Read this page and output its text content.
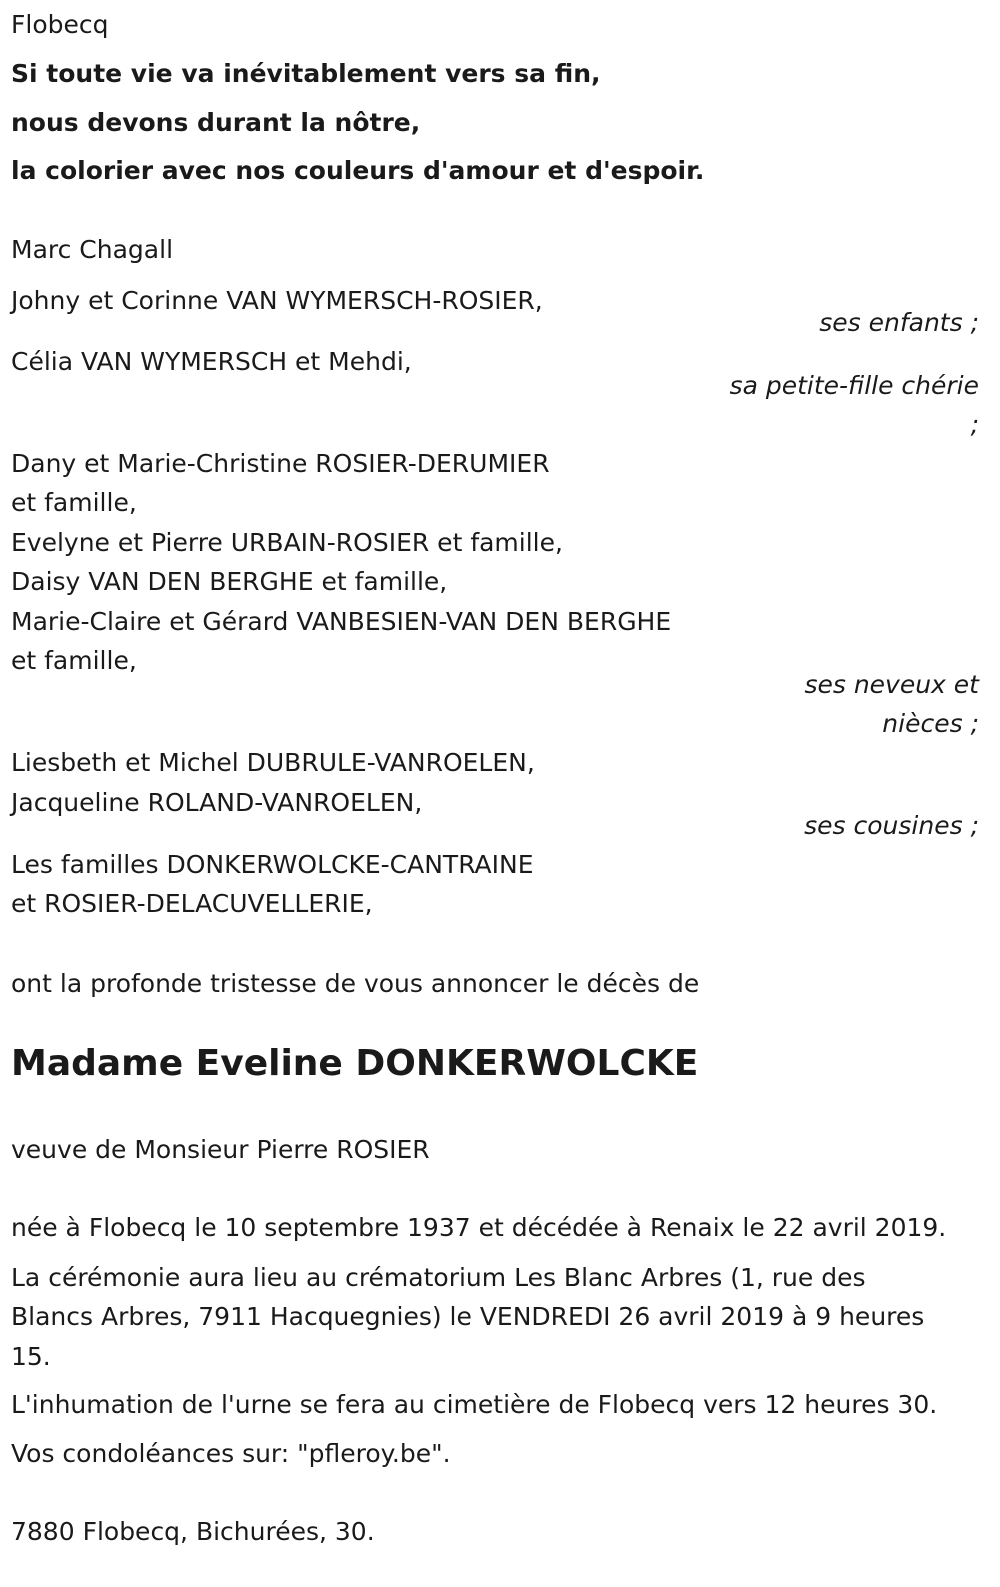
Flobecq
Si toute vie va inévitablement vers sa fin,
nous devons durant la nôtre,
la colorier avec nos couleurs d'amour et d'espoir.
Marc Chagall
Johny et Corinne VAN WYMERSCH-ROSIER,
ses enfants ;
Célia VAN WYMERSCH et Mehdi,
sa petite-fille chérie
;
Dany et Marie-Christine ROSIER-DERUMIER
et famille,
Evelyne et Pierre URBAIN-ROSIER et famille,
Daisy VAN DEN BERGHE et famille,
Marie-Claire et Gérard VANBESIEN-VAN DEN BERGHE
et famille,
ses neveux et
nièces ;
Liesbeth et Michel DUBRULE-VANROELEN,
Jacqueline ROLAND-VANROELEN,
ses cousines ;
Les familles DONKERWOLCKE-CANTRAINE
et ROSIER-DELACUVELLERIE,
ont la profonde tristesse de vous annoncer le décès de
Madame Eveline DONKERWOLCKE
veuve de Monsieur Pierre ROSIER
née à Flobecq le 10 septembre 1937 et décédée à Renaix le 22 avril 2019.
La cérémonie aura lieu au crématorium Les Blanc Arbres (1, rue des
Blancs Arbres, 7911 Hacquegnies) le VENDREDI 26 avril 2019 à 9 heures
15.
L'inhumation de l'urne se fera au cimetière de Flobecq vers 12 heures 30.
Vos condoléances sur: "pfleroy.be".
7880 Flobecq, Bichurées, 30.
